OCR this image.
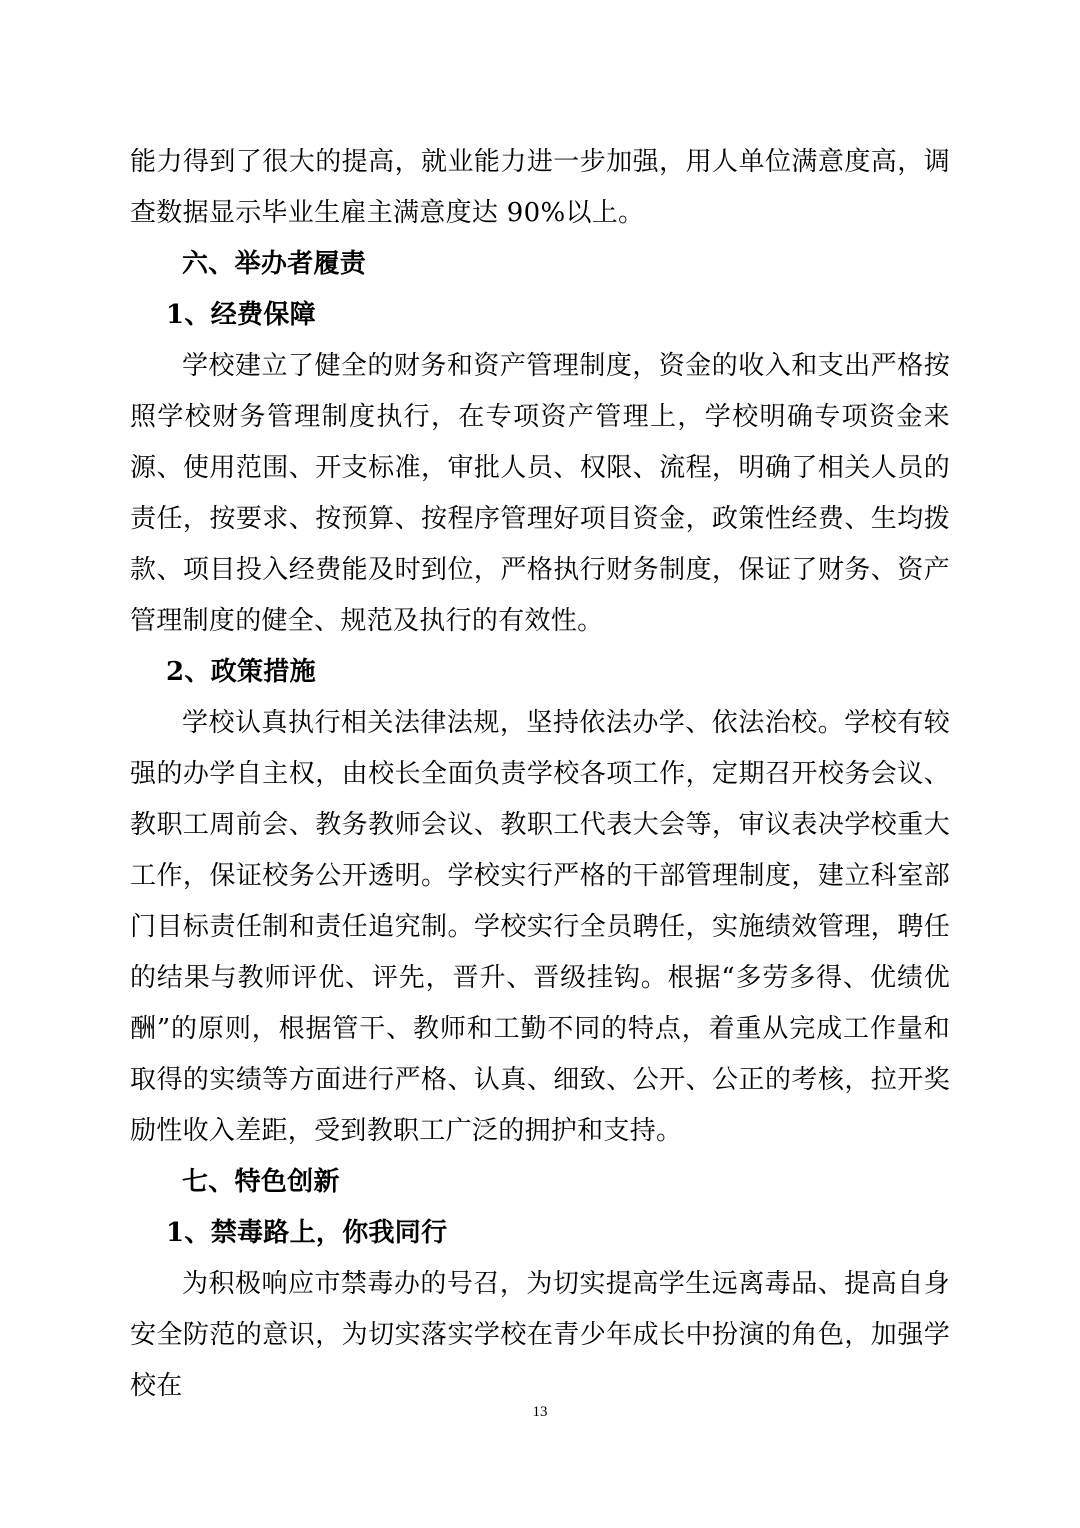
能力得到了很大的提高，就业能力进一步加强，用人单位满意度高，调查数据显示毕业生雇主满意度达 90%以上。

六、举办者履责

1、经费保障

学校建立了健全的财务和资产管理制度，资金的收入和支出严格按照学校财务管理制度执行，在专项资产管理上，学校明确专项资金来源、使用范围、开支标准，审批人员、权限、流程，明确了相关人员的责任，按要求、按预算、按程序管理好项目资金，政策性经费、生均拨款、项目投入经费能及时到位，严格执行财务制度，保证了财务、资产管理制度的健全、规范及执行的有效性。

2、政策措施

学校认真执行相关法律法规，坚持依法办学、依法治校。学校有较强的办学自主权，由校长全面负责学校各项工作，定期召开校务会议、教职工周前会、教务教师会议、教职工代表大会等，审议表决学校重大工作，保证校务公开透明。学校实行严格的干部管理制度，建立科室部门目标责任制和责任追究制。学校实行全员聘任，实施绩效管理，聘任的结果与教师评优、评先，晋升、晋级挂钩。根据“多劳多得、优绩优酬”的原则，根据管干、教师和工勤不同的特点，着重从完成工作量和取得的实绩等方面进行严格、认真、细致、公开、公正的考核，拉开奖励性收入差距，受到教职工广泛的拥护和支持。

七、特色创新

1、禁毒路上，你我同行

为积极响应市禁毒办的号召，为切实提高学生远离毒品、提高自身安全防范的意识，为切实落实学校在青少年成长中扮演的角色，加强学校在

13
